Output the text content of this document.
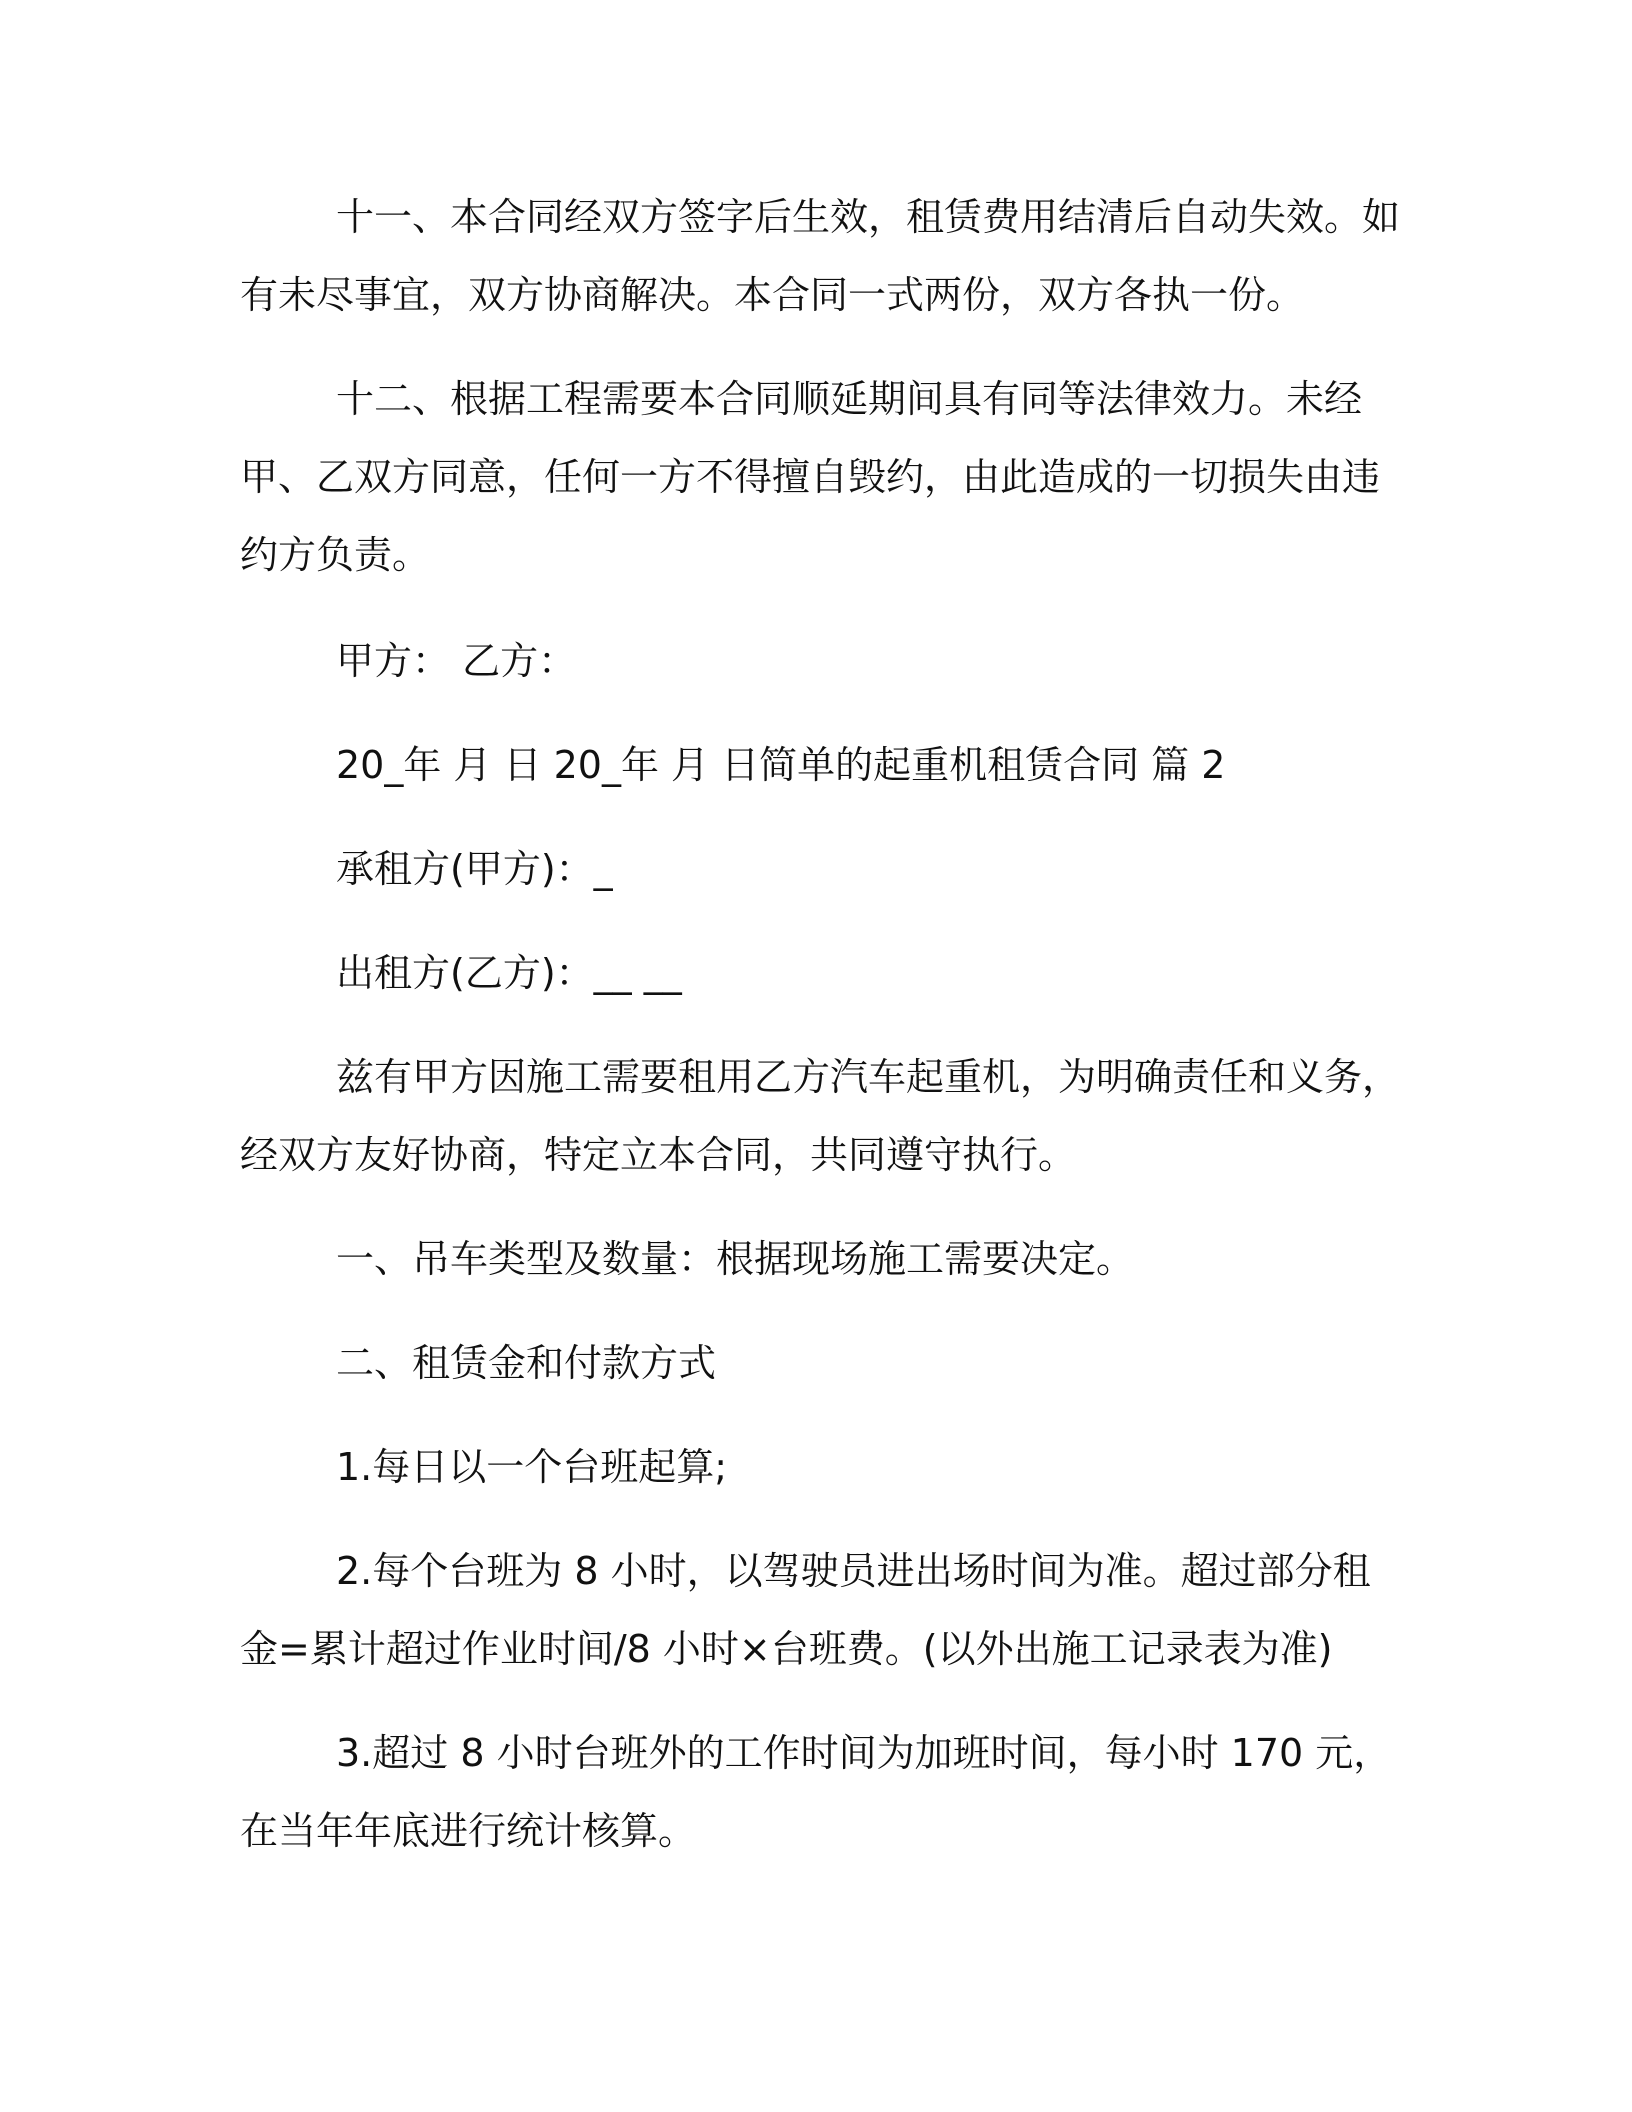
十一、本合同经双方签字后生效，租赁费用结清后自动失效。如有未尽事宜，双方协商解决。本合同一式两份，双方各执一份。

十二、根据工程需要本合同顺延期间具有同等法律效力。未经甲、乙双方同意，任何一方不得擅自毁约，由此造成的一切损失由违约方负责。

甲方： 乙方：

20_年 月 日 20_年 月 日简单的起重机租赁合同 篇 2

承租方(甲方)：_

出租方(乙方)：__ __

兹有甲方因施工需要租用乙方汽车起重机，为明确责任和义务，经双方友好协商，特定立本合同，共同遵守执行。

一、吊车类型及数量：根据现场施工需要决定。

二、租赁金和付款方式

1.每日以一个台班起算;

2.每个台班为 8 小时，以驾驶员进出场时间为准。超过部分租金=累计超过作业时间/8 小时×台班费。(以外出施工记录表为准)

3.超过 8 小时台班外的工作时间为加班时间，每小时 170 元，在当年年底进行统计核算。
